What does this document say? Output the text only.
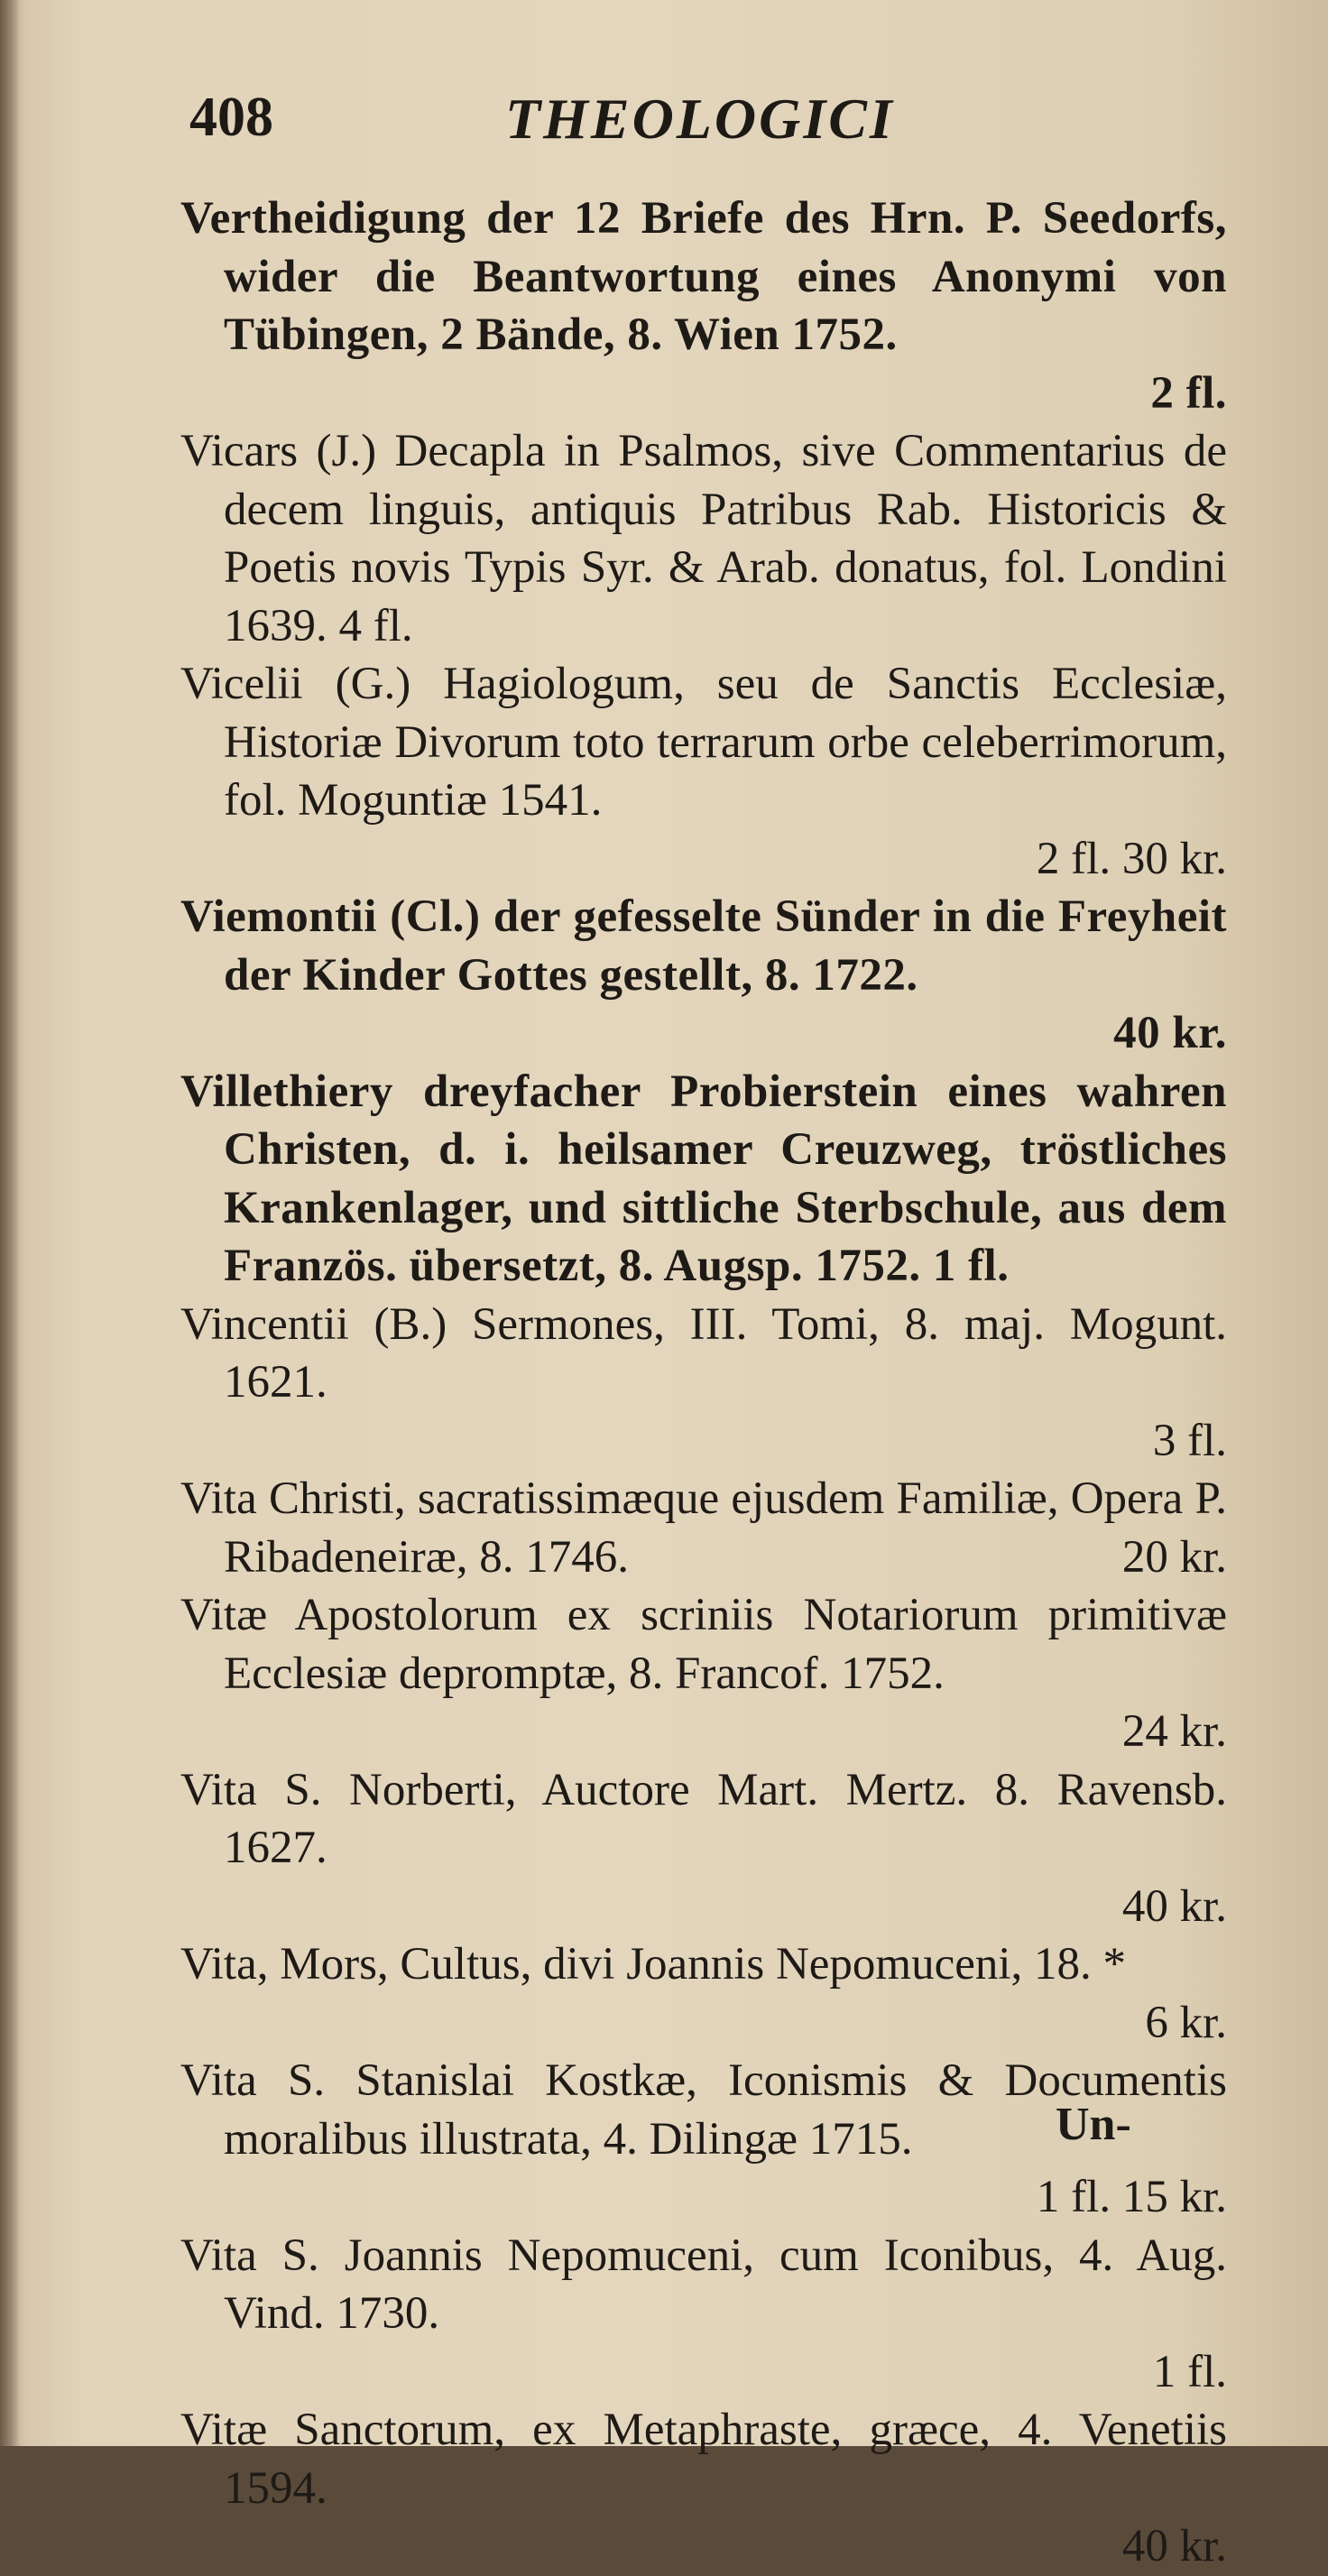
408	THEOLOGICI
Vertheidigung der 12 Briefe des Hrn. P. Seedorfs, wider die Beantwortung eines Anonymi von Tübingen, 2 Bände, 8. Wien 1752.
2 fl.
Vicars (J.) Decapla in Psalmos, sive Commentarius de decem linguis, antiquis Patribus Rab. Historicis & Poetis novis Typis Syr. & Arab. donatus, fol. Londini 1639. 4 fl.
Vicelii (G.) Hagiologum, seu de Sanctis Ecclesiæ, Historiæ Divorum toto terrarum orbe celeberrimorum, fol. Moguntiæ 1541.
2 fl. 30 kr.
Viemontii (Cl.) der gefesselte Sünder in die Freyheit der Kinder Gottes gestellt, 8. 1722.
40 kr.
Villethiery dreyfacher Probierstein eines wahren Christen, d. i. heilsamer Creuzweg, tröstliches Krankenlager, und sittliche Sterbschule, aus dem Französ. übersetzt, 8. Augsp. 1752. 1 fl.
Vincentii (B.) Sermones, III. Tomi, 8. maj. Mogunt. 1621.
3 fl.
Vita Christi, sacratissimæque ejusdem Familiæ, Opera P. Ribadeneiræ, 8. 1746.	20 kr.
Vitæ Apostolorum ex scriniis Notariorum primitivæ Ecclesiæ depromptæ, 8. Francof. 1752.
24 kr.
Vita S. Norberti, Auctore Mart. Mertz. 8. Ravensb. 1627.
40 kr.
Vita, Mors, Cultus, divi Joannis Nepomuceni, 18. *
6 kr.
Vita S. Stanislai Kostkæ, Iconismis & Documentis moralibus illustrata, 4. Dilingæ 1715.
1 fl. 15 kr.
Vita S. Joannis Nepomuceni, cum Iconibus, 4. Aug. Vind. 1730.
1 fl.
Vitæ Sanctorum, ex Metaphraste, græce, 4. Venetiis 1594.
40 kr.
Un-
